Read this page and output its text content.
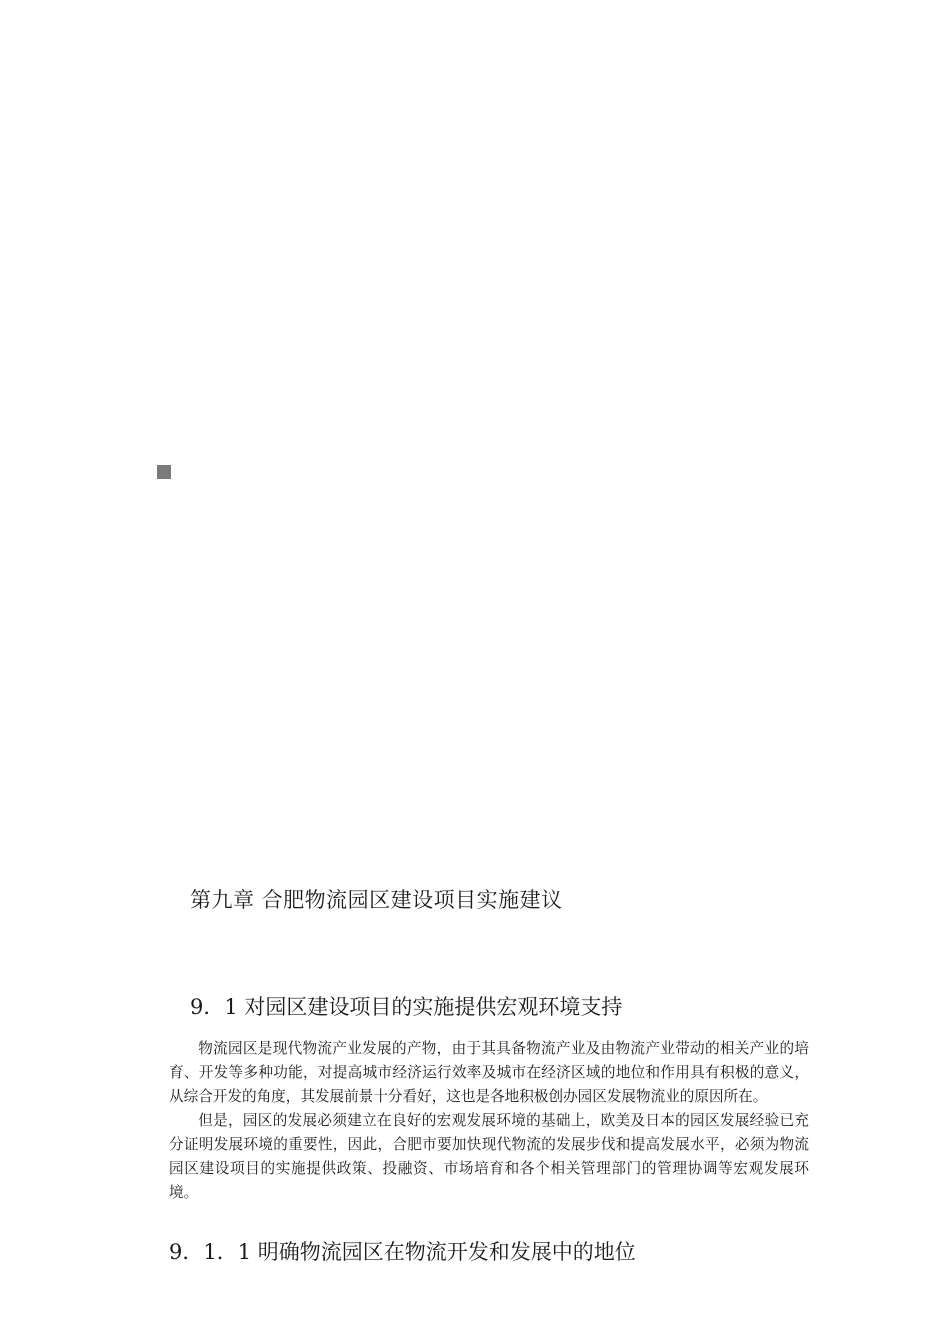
第九章 合肥物流园区建设项目实施建议
9．1 对园区建设项目的实施提供宏观环境支持

物流园区是现代物流产业发展的产物，由于其具备物流产业及由物流产业带动的相关产业的培育、开发等多种功能，对提高城市经济运行效率及城市在经济区域的地位和作用具有积极的意义，从综合开发的角度，其发展前景十分看好，这也是各地积极创办园区发展物流业的原因所在。

但是，园区的发展必须建立在良好的宏观发展环境的基础上，欧美及日本的园区发展经验已充分证明发展环境的重要性，因此，合肥市要加快现代物流的发展步伐和提高发展水平，必须为物流园区建设项目的实施提供政策、投融资、市场培育和各个相关管理部门的管理协调等宏观发展环境。

9．1．1 明确物流园区在物流开发和发展中的地位
